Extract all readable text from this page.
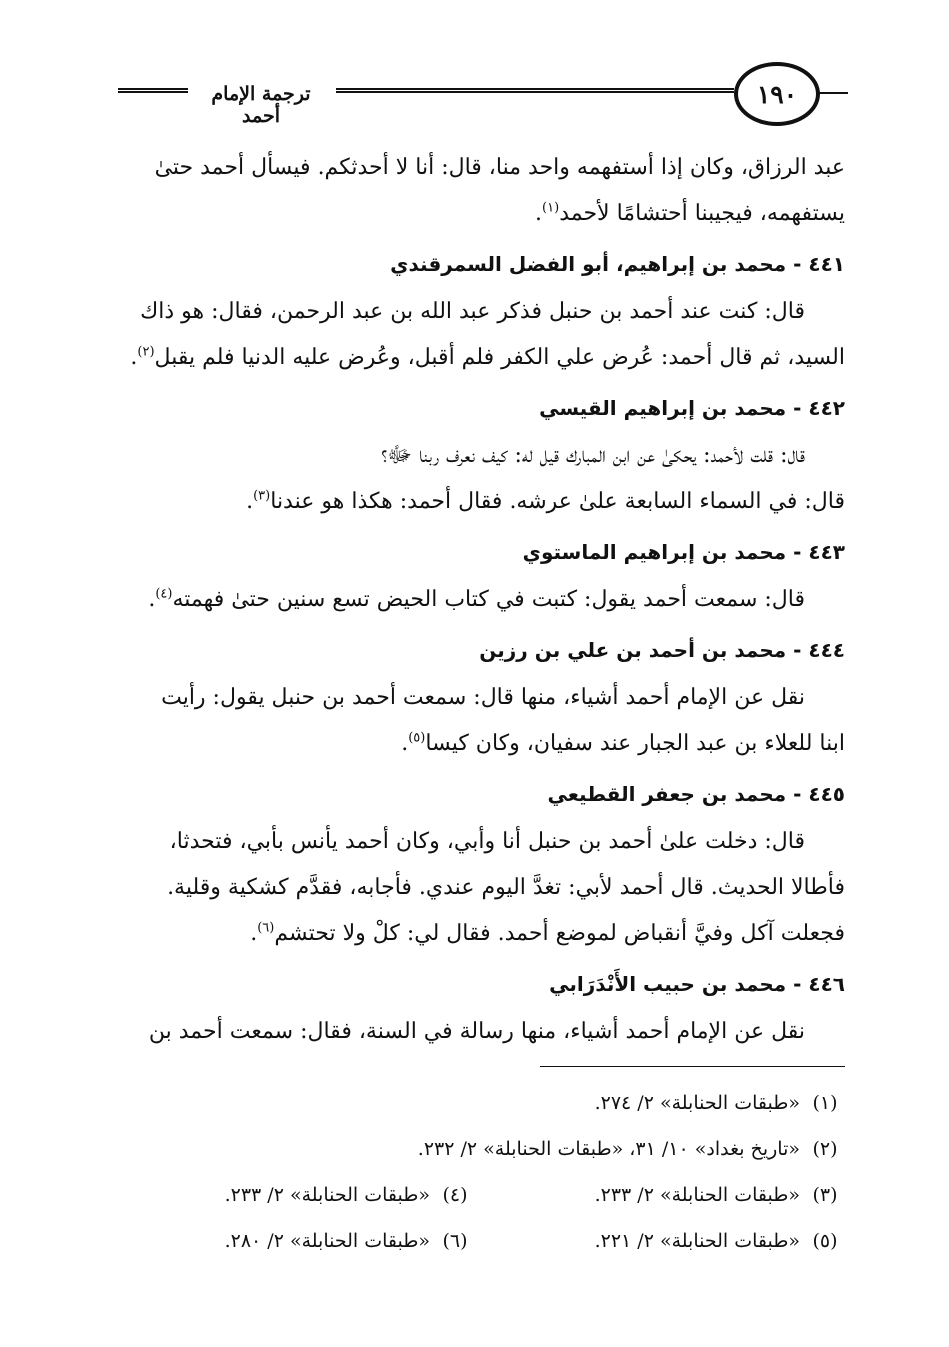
١٩٠
ترجمة الإمام أحمد

عبد الرزاق، وكان إذا أستفهمه واحد منا، قال: أنا لا أحدثكم. فيسأل أحمد حتىٰ
يستفهمه، فيجيبنا أحتشامًا لأحمد$^{(١)}$.

٤٤١ - محمد بن إبراهيم، أبو الفضل السمرقندي

قال: كنت عند أحمد بن حنبل فذكر عبد الله بن عبد الرحمن، فقال: هو ذاك
السيد، ثم قال أحمد: عُرض علي الكفر فلم أقبل، وعُرض عليه الدنيا فلم يقبل$^{(٢)}$.

٤٤٢ - محمد بن إبراهيم القيسي

قال: قلت لأحمد: يحكىٰ عن ابن المبارك قيل له: كيف نعرف ربنا ﷻ؟
قال: في السماء السابعة علىٰ عرشه. فقال أحمد: هكذا هو عندنا$^{(٣)}$.

٤٤٣ - محمد بن إبراهيم الماستوي

قال: سمعت أحمد يقول: كتبت في كتاب الحيض تسع سنين حتىٰ فهمته$^{(٤)}$.

٤٤٤ - محمد بن أحمد بن علي بن رزين

نقل عن الإمام أحمد أشياء، منها قال: سمعت أحمد بن حنبل يقول: رأيت
ابنا للعلاء بن عبد الجبار عند سفيان، وكان كيسا$^{(٥)}$.

٤٤٥ - محمد بن جعفر القطيعي

قال: دخلت علىٰ أحمد بن حنبل أنا وأبي، وكان أحمد يأنس بأبي، فتحدثا،
فأطالا الحديث. قال أحمد لأبي: تغدَّ اليوم عندي. فأجابه، فقدَّم كشكية وقلية.
فجعلت آكل وفيَّ أنقباض لموضع أحمد. فقال لي: كلْ ولا تحتشم$^{(٦)}$.

٤٤٦ - محمد بن حبيب الأَنْدَرَابي

نقل عن الإمام أحمد أشياء، منها رسالة في السنة، فقال: سمعت أحمد بن

(١)
«طبقات الحنابلة» ٢/ ٢٧٤.
(٢)
«تاريخ بغداد» ١٠/ ٣١، «طبقات الحنابلة» ٢/ ٢٣٢.
(٣)
«طبقات الحنابلة» ٢/ ٢٣٣.
(٤)
«طبقات الحنابلة» ٢/ ٢٣٣.
(٥)
«طبقات الحنابلة» ٢/ ٢٢١.
(٦)
«طبقات الحنابلة» ٢/ ٢٨٠.
